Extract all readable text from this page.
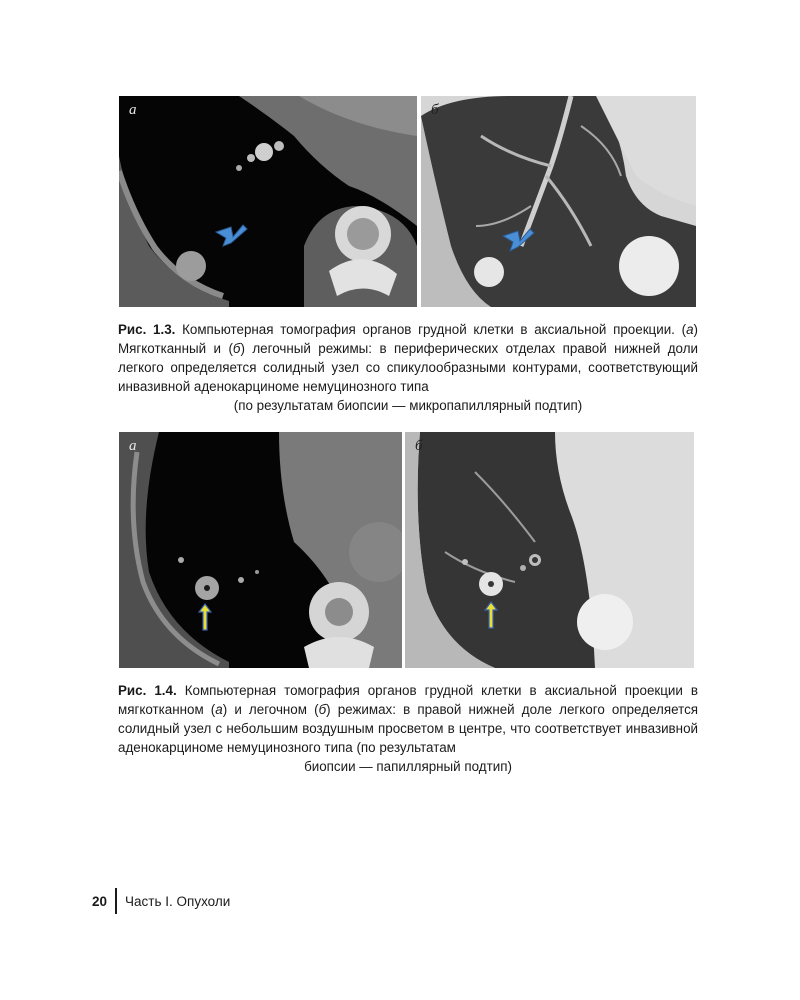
а	б
Рис. 1.3. Компьютерная томография органов грудной клетки в аксиальной проекции. (а) Мягкотканный и (б) легочный режимы: в периферических отделах правой нижней доли легкого определяется солидный узел со спикулообразными контурами, соответствующий инвазивной аденокарциноме немуцинозного типа
(по результатам биопсии — микропапиллярный подтип)
а	б
Рис. 1.4. Компьютерная томография органов грудной клетки в аксиальной проекции в мягкотканном (а) и легочном (б) режимах: в правой нижней доле легкого определяется солидный узел с небольшим воздушным просветом в центре, что соответствует инвазивной аденокарциноме немуцинозного типа (по результатам
биопсии — папиллярный подтип)
20	Часть I. Опухоли
